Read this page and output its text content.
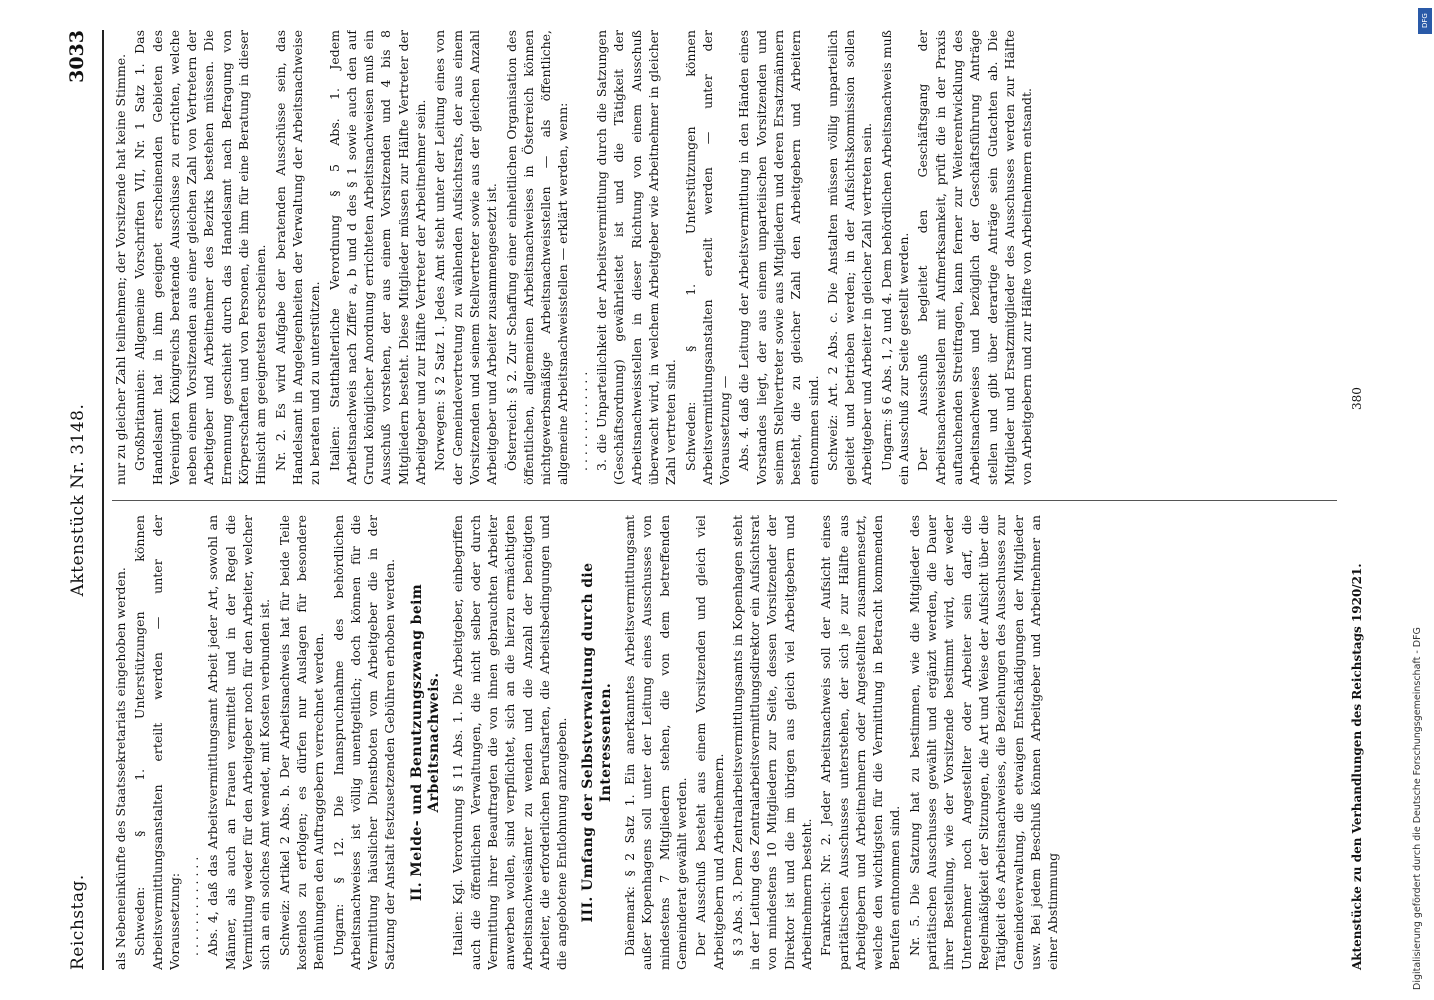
Reichstag.
Aktenstück Nr. 3148.
3033

als Nebeneinkünfte des Staatssekretariats eingehoben werden. Schweden: § 1. Unterstützungen können Arbeitsvermittlungsanstalten erteilt werden — unter der Voraussetzung: . . . . . . . . . . . . . Abs. 4, daß das Arbeitsvermittlungsamt Arbeit jeder Art, sowohl an Männer, als auch an Frauen vermittelt und in der Regel die Vermittlung weder für den Arbeitgeber noch für den Arbeiter, welcher sich an ein solches Amt wendet, mit Kosten verbunden ist. Schweiz: Artikel 2 Abs. b. Der Arbeitsnachweis hat für beide Teile kostenlos zu erfolgen; es dürfen nur Auslagen für besondere Bemühungen den Auftraggebern verrechnet werden. Ungarn: § 12. Die Inanspruchnahme des behördlichen Arbeitsnachweises ist völlig unentgeltlich; doch können für die Vermittlung häuslicher Dienstboten vom Arbeitgeber die in der Satzung der Anstalt festzusetzenden Gebühren erhoben werden. II. Melde- und Benutzungszwang beim Arbeitsnachweis. Italien: Kgl. Verordnung § 11 Abs. 1. Die Arbeitgeber, einbegriffen auch die öffentlichen Verwaltungen, die nicht selber oder durch Vermittlung ihrer Beauftragten die von ihnen gebrauchten Arbeiter anwerben wollen, sind verpflichtet, sich an die hierzu ermächtigten Arbeitsnachweisämter zu wenden und die Anzahl der benötigten Arbeiter, die erforderlichen Berufsarten, die Arbeitsbedingungen und die angebotene Entlohnung anzugeben. III. Umfang der Selbstverwaltung durch die Interessenten. Dänemark: § 2 Satz 1. Ein anerkanntes Arbeitsvermittlungsamt außer Kopenhagens soll unter der Leitung eines Ausschusses von mindestens 7 Mitgliedern stehen, die von dem betreffenden Gemeinderat gewählt werden. Der Ausschuß besteht aus einem Vorsitzenden und gleich viel Arbeitgebern und Arbeitnehmern. § 3 Abs. 3. Dem Zentralarbeitsvermittlungsamts in Kopenhagen steht in der Leitung des Zentralarbeitsvermittlungsdirektor ein Aufsichtsrat von mindestens 10 Mitgliedern zur Seite, dessen Vorsitzender der Direktor ist und die im übrigen aus gleich viel Arbeitgebern und Arbeitnehmern besteht. Frankreich: Nr. 2. Jeder Arbeitsnachweis soll der Aufsicht eines paritätischen Ausschusses unterstehen, der sich je zur Hälfte aus Arbeitgebern und Arbeitnehmern oder Angestellten zusammensetzt, welche den wichtigsten für die Vermittlung in Betracht kommenden Berufen entnommen sind. Nr. 5. Die Satzung hat zu bestimmen, wie die Mitglieder des paritätischen Ausschusses gewählt und ergänzt werden, die Dauer ihrer Bestellung, wie der Vorsitzende bestimmt wird, der weder Unternehmer noch Angestellter oder Arbeiter sein darf, die Regelmäßigkeit der Sitzungen, die Art und Weise der Aufsicht über die Tätigkeit des Arbeitsnachweises, die Beziehungen des Ausschusses zur Gemeindeverwaltung, die etwaigen Entschädigungen der Mitglieder usw. Bei jedem Beschluß können Arbeitgeber und Arbeitnehmer an einer Abstimmung

nur zu gleicher Zahl teilnehmen; der Vorsitzende hat keine Stimme. Großbritannien: Allgemeine Vorschriften VII, Nr. 1 Satz 1. Das Handelsamt hat in ihm geeignet erscheinenden Gebieten des Vereinigten Königreichs beratende Ausschüsse zu errichten, welche neben einem Vorsitzenden aus einer gleichen Zahl von Vertretern der Arbeitgeber und Arbeitnehmer des Bezirks bestehen müssen. Die Ernennung geschieht durch das Handelsamt nach Befragung von Körperschaften und von Personen, die ihm für eine Beratung in dieser Hinsicht am geeignetsten erscheinen. Nr. 2. Es wird Aufgabe der beratenden Ausschüsse sein, das Handelsamt in Angelegenheiten der Verwaltung der Arbeitsnachweise zu beraten und zu unterstützen. Italien: Statthalterliche Verordnung § 5 Abs. 1. Jedem Arbeitsnachweis nach Ziffer a, b und d des § 1 sowie auch den auf Grund königlicher Anordnung errichteten Arbeitsnachweisen muß ein Ausschuß vorstehen, der aus einem Vorsitzenden und 4 bis 8 Mitgliedern besteht. Diese Mitglieder müssen zur Hälfte Vertreter der Arbeitgeber und zur Hälfte Vertreter der Arbeitnehmer sein. Norwegen: § 2 Satz 1. Jedes Amt steht unter der Leitung eines von der Gemeindevertretung zu wählenden Aufsichtsrats, der aus einem Vorsitzenden und seinem Stellvertreter sowie aus der gleichen Anzahl Arbeitgeber und Arbeiter zusammengesetzt ist. Österreich: § 2. Zur Schaffung einer einheitlichen Organisation des öffentlichen, allgemeinen Arbeitsnachweises in Österreich können nichtgewerbsmäßige Arbeitsnachweisstellen — als öffentliche, allgemeine Arbeitsnachweisstellen — erklärt werden, wenn: . . . . . . . . . . . . . 3. die Unparteilichkeit der Arbeitsvermittlung durch die Satzungen (Geschäftsordnung) gewährleistet ist und die Tätigkeit der Arbeitsnachweisstellen in dieser Richtung von einem Ausschuß überwacht wird, in welchem Arbeitgeber wie Arbeitnehmer in gleicher Zahl vertreten sind. Schweden: § 1. Unterstützungen können Arbeitsvermittlungsanstalten erteilt werden — unter der Voraussetzung — Abs. 4. daß die Leitung der Arbeitsvermittlung in den Händen eines Vorstandes liegt, der aus einem unparteiischen Vorsitzenden und seinem Stellvertreter sowie aus Mitgliedern und deren Ersatzmännern besteht, die zu gleicher Zahl den Arbeitgebern und Arbeitern entnommen sind. Schweiz: Art. 2 Abs. c. Die Anstalten müssen völlig unparteilich geleitet und betrieben werden; in der Aufsichtskommission sollen Arbeitgeber und Arbeiter in gleicher Zahl vertreten sein. Ungarn: § 6 Abs. 1, 2 und 4. Dem behördlichen Arbeitsnachweis muß ein Ausschuß zur Seite gestellt werden. Der Ausschuß begleitet den Geschäftsgang der Arbeitsnachweisstellen mit Aufmerksamkeit, prüft die in der Praxis auftauchenden Streitfragen, kann ferner zur Weiterentwicklung des Arbeitsnachweises und bezüglich der Geschäftsführung Anträge stellen und gibt über derartige Anträge sein Gutachten ab. Die Mitglieder und Ersatzmitglieder des Ausschusses werden zur Hälfte von Arbeitgebern und zur Hälfte von Arbeitnehmern entsandt.

Aktenstücke zu den Verhandlungen des Reichstags 1920/21.
380
Digitalisierung gefördert durch die Deutsche Forschungsgemeinschaft - DFG
DFG
